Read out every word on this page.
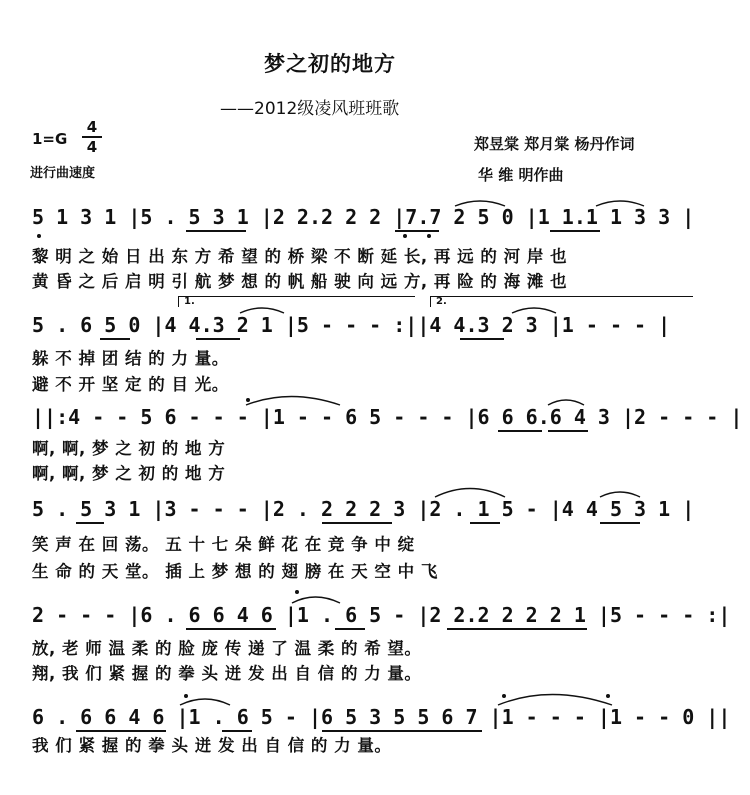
梦之初的地方
——2012级凌风班班歌
1=G
4
4
进行曲速度
郑昱棠 郑月棠 杨丹作词
华 维 明作曲
5 1 3 1 |5 . 5 3 1 |2 2.2 2 2 |7.7 2 5 0 |1 1.1 1 3 3 |
黎 明 之 始 日 出 东 方 希 望 的 桥 梁 不 断 延 长, 再 远 的 河 岸 也
黄 昏 之 后 启 明 引 航 梦 想 的 帆 船 驶 向 远 方, 再 险 的 海 滩 也
5 . 6 5 0 |4 4.3 2 1 |5 - - - :||4 4.3 2 3 |1 - - - |
躲 不 掉 团 结 的 力 量。
避 不 开 坚 定 的 目 光。
||:4 - - 5 6 - - - |1 - - 6 5 - - - |6 6 6.6 4 3 |2 - - - |
啊, 啊, 梦 之 初 的 地 方
啊, 啊, 梦 之 初 的 地 方
5 . 5 3 1 |3 - - - |2 . 2 2 2 3 |2 . 1 5 - |4 4 5 3 1 |
笑 声 在 回 荡。 五 十 七 朵 鲜 花 在 竞 争 中 绽
生 命 的 天 堂。 插 上 梦 想 的 翅 膀 在 天 空 中 飞
2 - - - |6 . 6 6 4 6 |1 . 6 5 - |2 2.2 2 2 2 1 |5 - - - :|
放, 老 师 温 柔 的 脸 庞 传 递 了 温 柔 的 希 望。
翔, 我 们 紧 握 的 拳 头 迸 发 出 自 信 的 力 量。
6 . 6 6 4 6 |1 . 6 5 - |6 5 3 5 5 6 7 |1 - - - |1 - - 0 ||
我 们 紧 握 的 拳 头 迸 发 出 自 信 的 力 量。
1.	2.
